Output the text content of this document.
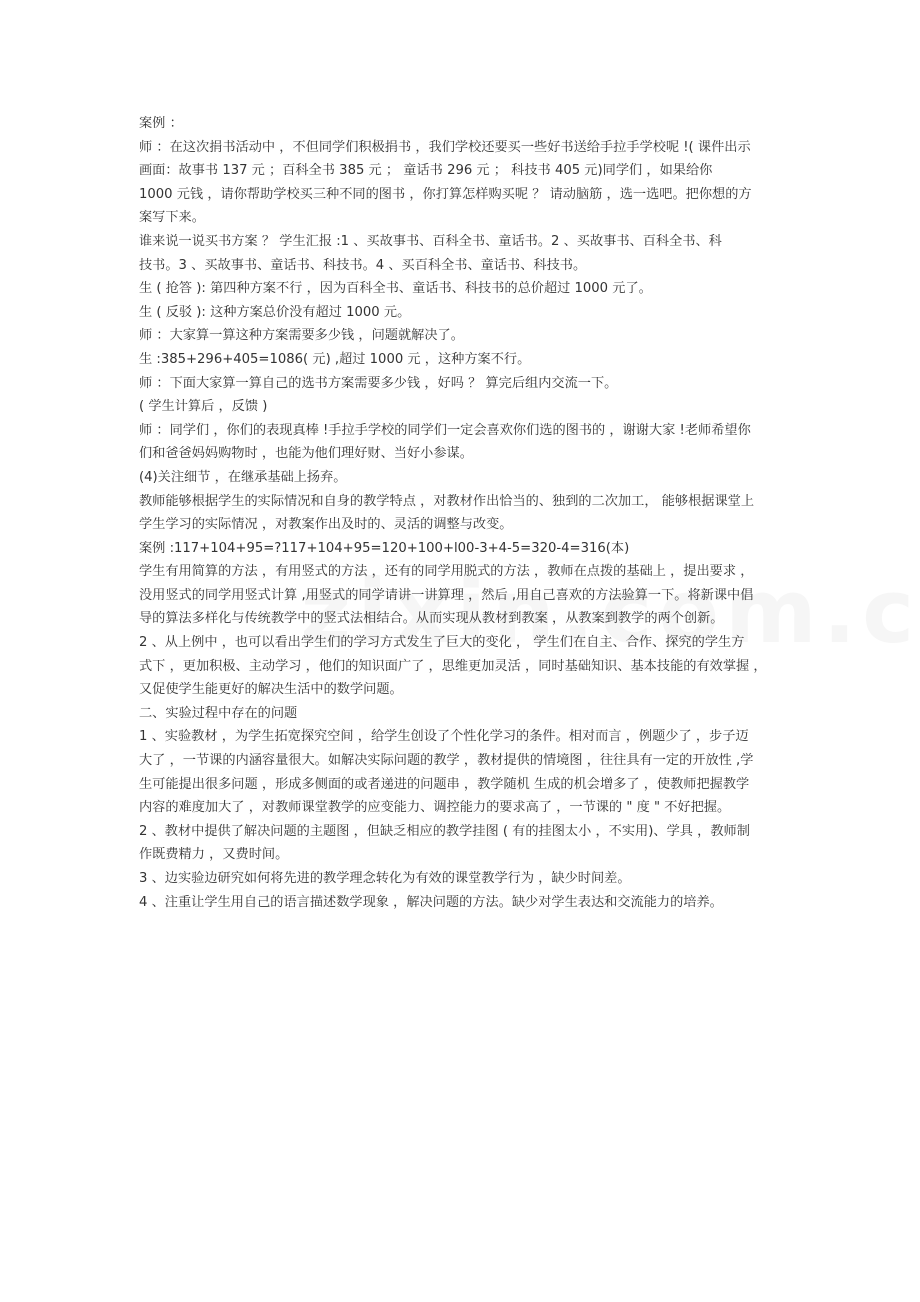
案例 ：
师 ：在这次捐书活动中 ，不但同学们积极捐书 ，我们学校还要买一些好书送给手拉手学校呢 !( 课件出示
画面：故事书 137 元 ；百科全书 385 元 ； 童话书 296 元 ； 科技书 405 元)同学们 ，如果给你
1000 元钱 ，请你帮助学校买三种不同的图书 ，你打算怎样购买呢 ？ 请动脑筋 ，选一选吧。把你想的方
案写下来。
谁来说一说买书方案 ？ 学生汇报 :1 、买故事书、百科全书、童话书。2 、买故事书、百科全书、科
技书。3 、买故事书、童话书、科技书。4 、买百科全书、童话书、科技书。
生 ( 抢答 ): 第四种方案不行 ，因为百科全书、童话书、科技书的总价超过 1000 元了。
生 ( 反驳 ): 这种方案总价没有超过 1000 元。
师 ：大家算一算这种方案需要多少钱 ，问题就解决了。
生 :385+296+405=1086( 元) ,超过 1000 元 ，这种方案不行。
师 ：下面大家算一算自己的选书方案需要多少钱 ，好吗 ？ 算完后组内交流一下。
( 学生计算后 ，反馈 )
师 ：同学们 ，你们的表现真棒 !手拉手学校的同学们一定会喜欢你们选的图书的 ，谢谢大家 !老师希望你
们和爸爸妈妈购物时 ，也能为他们理好财、当好小参谋。
(4)关注细节 ，在继承基础上扬弃。
教师能够根据学生的实际情况和自身的教学特点 ，对教材作出恰当的、独到的二次加工， 能够根据课堂上
学生学习的实际情况 ，对教案作出及时的、灵活的调整与改变。
案例 :117+104+95=?117+104+95=120+100+l00-3+4-5=320-4=316(本)
学生有用简算的方法 ，有用竖式的方法 ，还有的同学用脱式的方法 ，教师在点拨的基础上 ，提出要求 ，
没用竖式的同学用竖式计算 ,用竖式的同学请讲一讲算理 ，然后 ,用自己喜欢的方法验算一下。将新课中倡
导的算法多样化与传统教学中的竖式法相结合。从而实现从教材到教案 ，从教案到教学的两个创新。
2 、从上例中 ，也可以看出学生们的学习方式发生了巨大的变化 ， 学生们在自主、合作、探究的学生方
式下 ，更加积极、主动学习 ，他们的知识面广了 ，思维更加灵活 ，同时基础知识、基本技能的有效掌握 ，
又促使学生能更好的解决生活中的数学问题。
二、实验过程中存在的问题
1 、实验教材 ，为学生拓宽探究空间 ，给学生创设了个性化学习的条件。相对而言 ，例题少了 ，步子迈
大了 ，一节课的内涵容量很大。如解决实际问题的教学 ，教材提供的情境图 ，往往具有一定的开放性 ,学
生可能提出很多问题 ，形成多侧面的或者递进的问题串 ，教学随机 生成的机会增多了 ，使教师把握教学
内容的难度加大了 ，对教师课堂教学的应变能力、调控能力的要求高了 ，一节课的 " 度 " 不好把握。
2 、教材中提供了解决问题的主题图 ，但缺乏相应的教学挂图 ( 有的挂图太小 ，不实用)、学具 ，教师制
作既费精力 ，又费时间。
3 、边实验边研究如何将先进的教学理念转化为有效的课堂教学行为 ，缺少时间差。
4 、注重让学生用自己的语言描述数学现象 ，解决问题的方法。缺少对学生表达和交流能力的培养。
